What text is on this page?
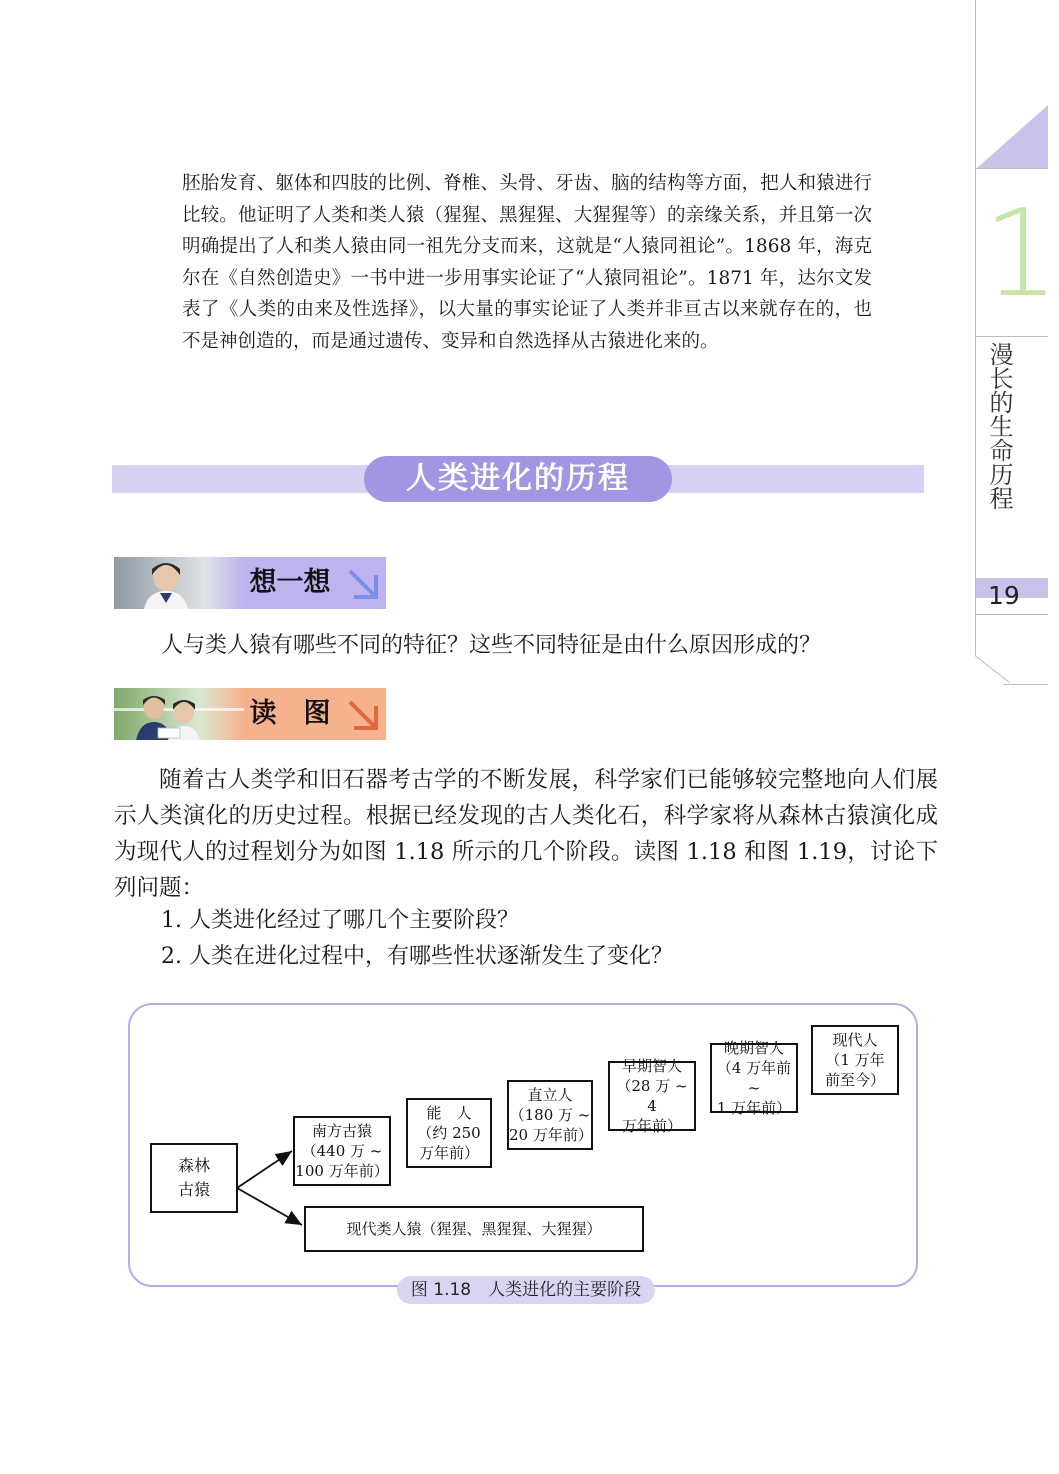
1
漫长的生命历程
19
胚胎发育、躯体和四肢的比例、脊椎、头骨、牙齿、脑的结构等方面，把人和猿进行比较。他证明了人类和类人猿（猩猩、黑猩猩、大猩猩等）的亲缘关系，并且第一次明确提出了人和类人猿由同一祖先分支而来，这就是“人猿同祖论”。1868 年，海克尔在《自然创造史》一书中进一步用事实论证了“人猿同祖论”。1871 年，达尔文发表了《人类的由来及性选择》，以大量的事实论证了人类并非亘古以来就存在的，也不是神创造的，而是通过遗传、变异和自然选择从古猿进化来的。
人类进化的历程
想一想
人与类人猿有哪些不同的特征？这些不同特征是由什么原因形成的？
读　图
随着古人类学和旧石器考古学的不断发展，科学家们已能够较完整地向人们展示人类演化的历史过程。根据已经发现的古人类化石，科学家将从森林古猿演化成为现代人的过程划分为如图 1.18 所示的几个阶段。读图 1.18 和图 1.19，讨论下列问题：
1. 人类进化经过了哪几个主要阶段？
2. 人类在进化过程中，有哪些性状逐渐发生了变化？
森林
古猿
南方古猿
（440 万 ~
100 万年前）
能　人
（约 250
万年前）
直立人
（180 万 ~
20 万年前）
早期智人
（28 万 ~ 4
万年前）
晚期智人
（4 万年前 ~
1 万年前）
现代人
（1 万年
前至今）
现代类人猿（猩猩、黑猩猩、大猩猩）
图 1.18　人类进化的主要阶段
